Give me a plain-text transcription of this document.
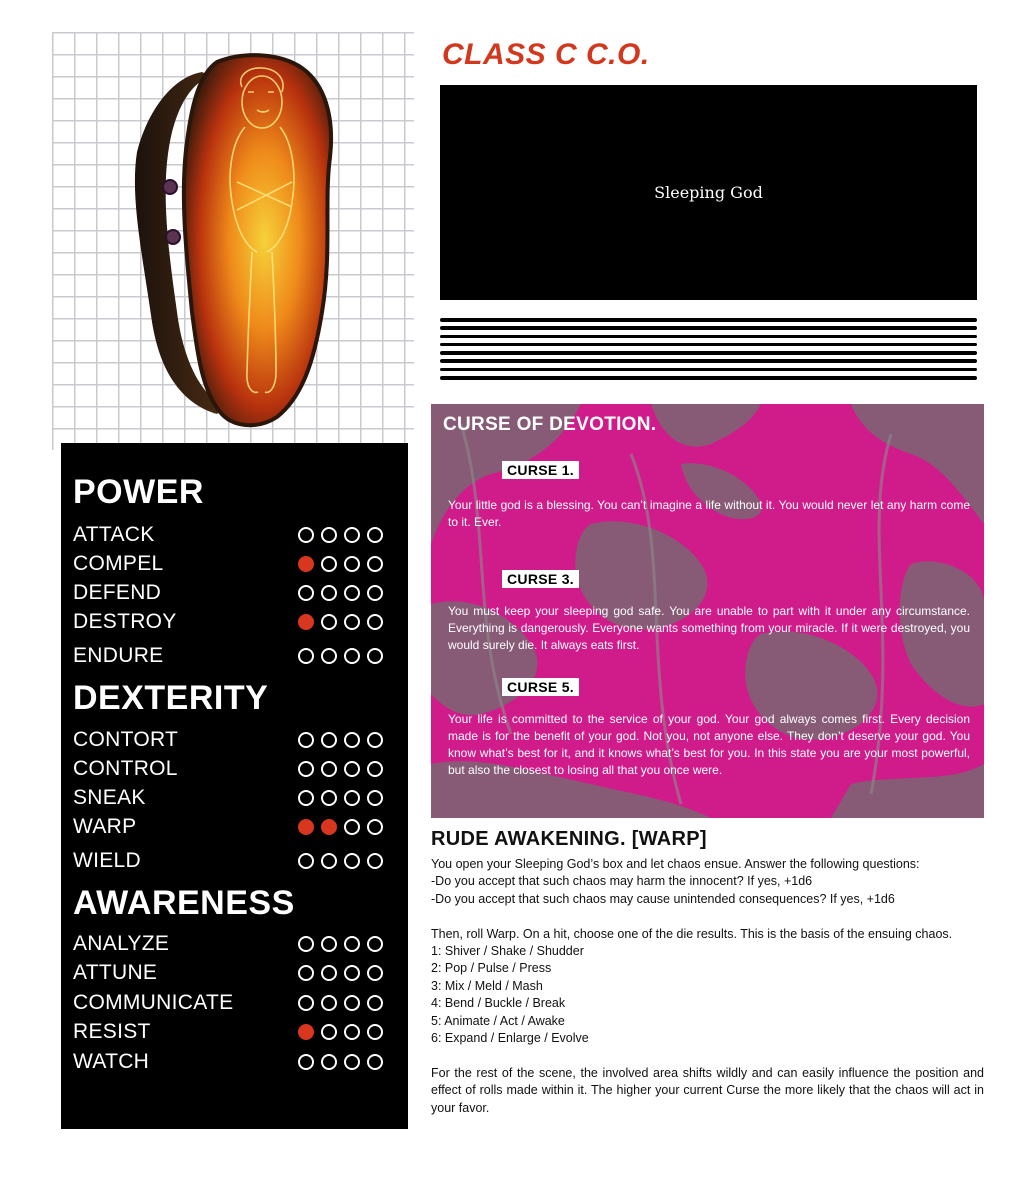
POWER
ATTACK
COMPEL
DEFEND
DESTROY
ENDURE
DEXTERITY
CONTORT
CONTROL
SNEAK
WARP
WIELD
AWARENESS
ANALYZE
ATTUNE
COMMUNICATE
RESIST
WATCH
CLASS C C.O.
Sleeping God
CURSE OF DEVOTION.
CURSE 1.
Your little god is a blessing. You can’t imagine a life without it. You would never let any harm come to it. Ever.
CURSE 3.
You must keep your sleeping god safe. You are unable to part with it under any circumstance. Everything is dangerously. Everyone wants something from your miracle. If it were destroyed, you would surely die. It always eats first.
CURSE 5.
Your life is committed to the service of your god. Your god always comes first. Every decision made is for the benefit of your god. Not you, not anyone else. They don’t deserve your god. You know what’s best for it, and it knows what’s best for you. In this state you are your most powerful, but also the closest to losing all that you once were.
RUDE AWAKENING. [WARP]

You open your Sleeping God’s box and let chaos ensue. Answer the following questions:

-Do you accept that such chaos may harm the innocent? If yes, +1d6

-Do you accept that such chaos may cause unintended consequences? If yes, +1d6

Then, roll Warp. On a hit, choose one of the die results. This is the basis of the ensuing chaos.

1: Shiver / Shake / Shudder

2: Pop / Pulse / Press

3: Mix / Meld / Mash

4: Bend / Buckle / Break

5: Animate / Act / Awake

6: Expand / Enlarge / Evolve

For the rest of the scene, the involved area shifts wildly and can easily influence the position and effect of rolls made within it. The higher your current Curse the more likely that the chaos will act in your favor.
